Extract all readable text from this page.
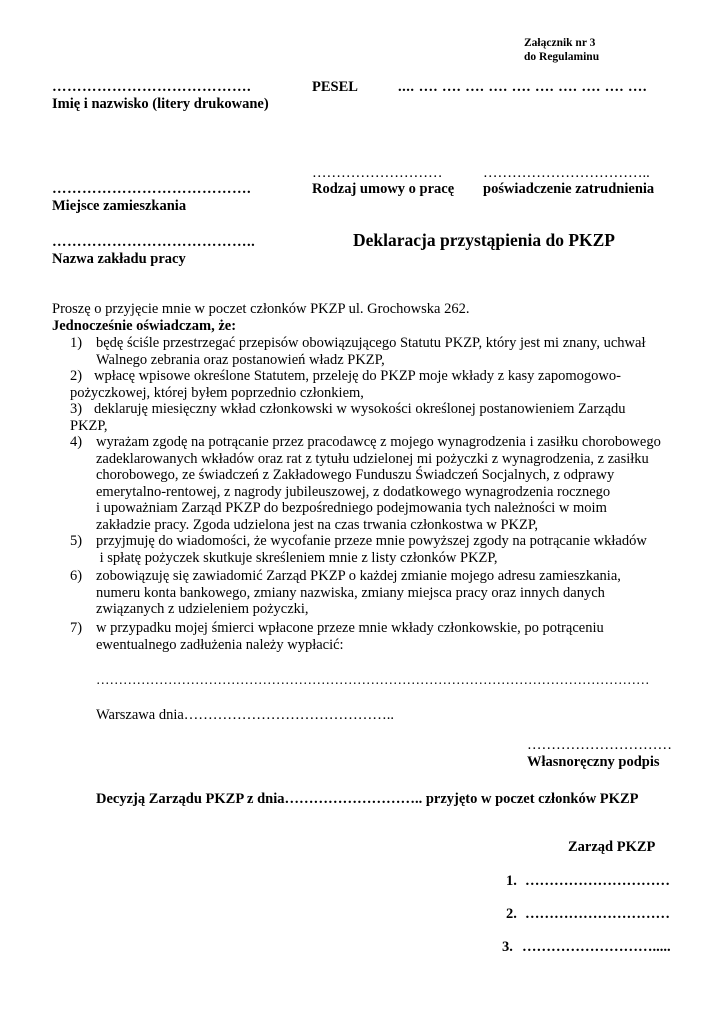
Załącznik nr 3
do Regulaminu
………………………………….
Imię i nazwisko (litery drukowane)
PESEL	.... …. …. …. …. …. …. …. …. …. ….
………………………	……………………………..
………………………………….	Rodzaj umowy o pracę poświadczenie zatrudnienia
Miejsce zamieszkania
…………………………………..	Deklaracja przystąpienia do PKZP
Nazwa zakładu pracy
Proszę o przyjęcie mnie w poczet członków PKZP ul. Grochowska 262.
Jednocześnie oświadczam, że:
1) będę ściśle przestrzegać przepisów obowiązującego Statutu PKZP, który jest mi znany, uchwał
Walnego zebrania oraz postanowień władz PKZP,
2) wpłacę wpisowe określone Statutem, przeleję do PKZP moje wkłady z kasy zapomogowo-
pożyczkowej, której byłem poprzednio członkiem,
3) deklaruję miesięczny wkład członkowski w wysokości określonej postanowieniem Zarządu
PKZP,
4) wyrażam zgodę na potrącanie przez pracodawcę z mojego wynagrodzenia i zasiłku chorobowego
zadeklarowanych wkładów oraz rat z tytułu udzielonej mi pożyczki z wynagrodzenia, z zasiłku
chorobowego, ze świadczeń z Zakładowego Funduszu Świadczeń Socjalnych, z odprawy
emerytalno-rentowej, z nagrody jubileuszowej, z dodatkowego wynagrodzenia rocznego
i upoważniam Zarząd PKZP do bezpośredniego podejmowania tych należności w moim
zakładzie pracy. Zgoda udzielona jest na czas trwania członkostwa w PKZP,
5) przyjmuję do wiadomości, że wycofanie przeze mnie powyższej zgody na potrącanie wkładów
i spłatę pożyczek skutkuje skreśleniem mnie z listy członków PKZP,
6) zobowiązuję się zawiadomić Zarząd PKZP o każdej zmianie mojego adresu zamieszkania,
numeru konta bankowego, zmiany nazwiska, zmiany miejsca pracy oraz innych danych
związanych z udzieleniem pożyczki,
7) w przypadku mojej śmierci wpłacone przeze mnie wkłady członkowskie, po potrąceniu
ewentualnego zadłużenia należy wypłacić:
……………………………………………………………………………………………………………
Warszawa dnia……………………………………..
…………………………
Własnoręczny podpis
Decyzją Zarządu PKZP z dnia……………………….. przyjęto w poczet członków PKZP
Zarząd PKZP
1. …………………………
2. …………………………
3. ……………………….....
